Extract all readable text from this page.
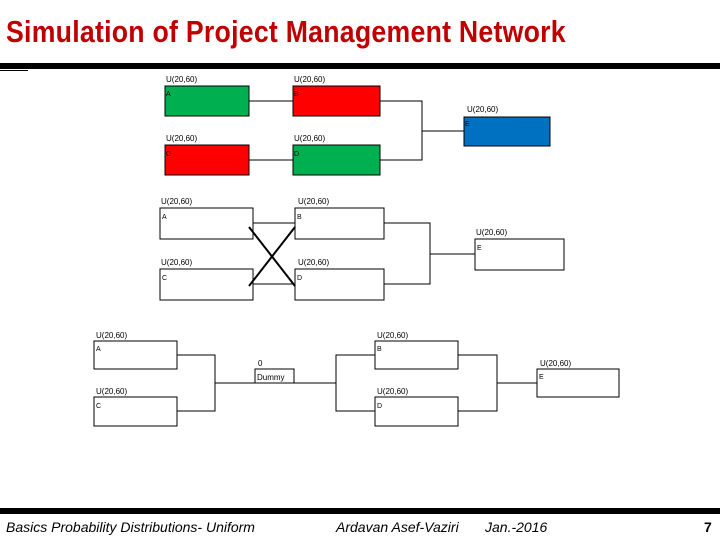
Simulation of Project Management Network
U(20,60)
A
U(20,60)
B
U(20,60)
C
U(20,60)
D
U(20,60)
E
U(20,60)
A
U(20,60)
B
U(20,60)
C
U(20,60)
D
U(20,60)
E
U(20,60)
A
U(20,60)
C
0
Dummy
U(20,60)
B
U(20,60)
D
U(20,60)
E
Basics Probability Distributions- Uniform	Ardavan Asef-Vaziri Jan.-2016	7
